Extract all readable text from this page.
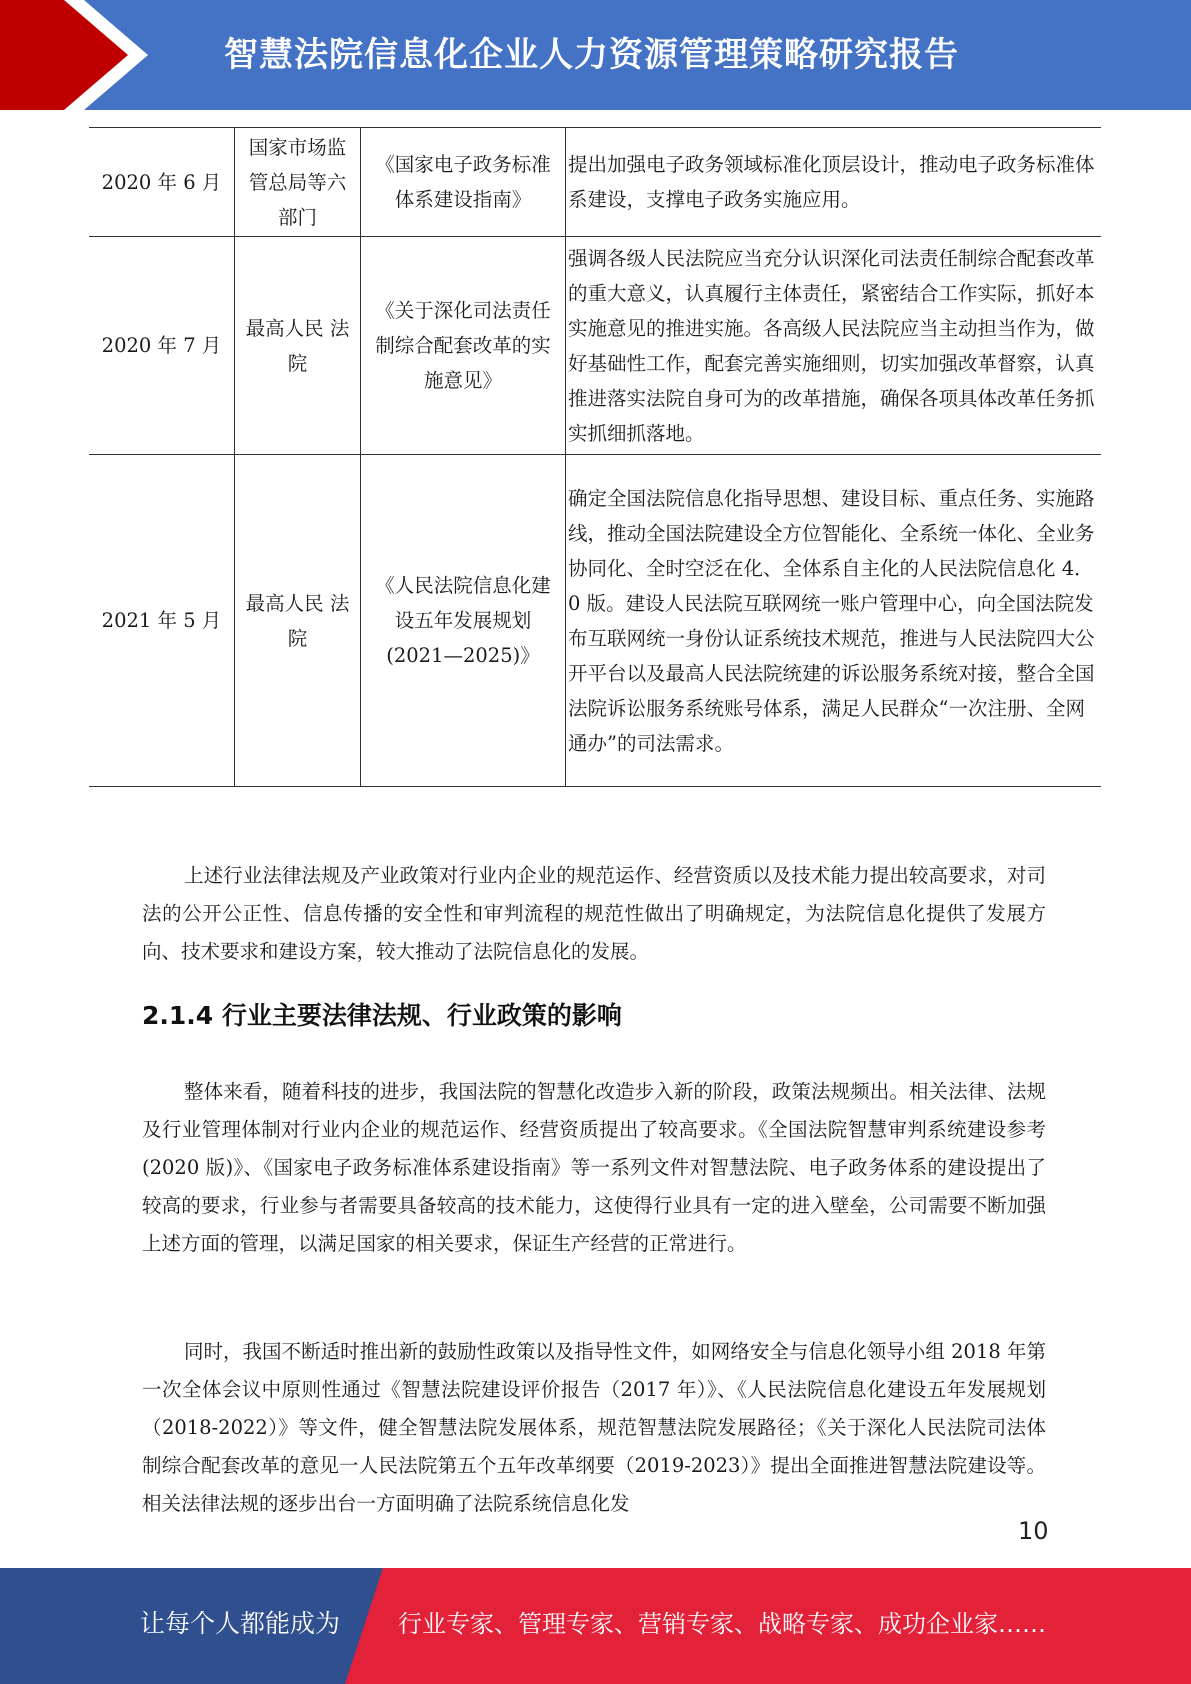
智慧法院信息化企业人力资源管理策略研究报告
2020 年 6 月	国家市场监管总局等六部门	《国家电子政务标准体系建设指南》	提出加强电子政务领域标准化顶层设计，推动电子政务标准体系建设，支撑电子政务实施应用。
2020 年 7 月	最高人民 法院	《关于深化司法责任制综合配套改革的实施意见》	强调各级人民法院应当充分认识深化司法责任制综合配套改革的重大意义，认真履行主体责任，紧密结合工作实际，抓好本实施意见的推进实施。各高级人民法院应当主动担当作为，做好基础性工作，配套完善实施细则，切实加强改革督察，认真推进落实法院自身可为的改革措施，确保各项具体改革任务抓实抓细抓落地。
2021 年 5 月	最高人民 法院	《人民法院信息化建设五年发展规划(2021—2025)》	确定全国法院信息化指导思想、建设目标、重点任务、实施路线，推动全国法院建设全方位智能化、全系统一体化、全业务协同化、全时空泛在化、全体系自主化的人民法院信息化 4． 0 版。建设人民法院互联网统一账户管理中心，向全国法院发布互联网统一身份认证系统技术规范，推进与人民法院四大公开平台以及最高人民法院统建的诉讼服务系统对接，整合全国法院诉讼服务系统账号体系，满足人民群众“一次注册、全网通办”的司法需求。

上述行业法律法规及产业政策对行业内企业的规范运作、经营资质以及技术能力提出较高要求，对司法的公开公正性、信息传播的安全性和审判流程的规范性做出了明确规定，为法院信息化提供了发展方向、技术要求和建设方案，较大推动了法院信息化的发展。

2.1.4 行业主要法律法规、行业政策的影响

整体来看，随着科技的进步，我国法院的智慧化改造步入新的阶段，政策法规频出。相关法律、法规及行业管理体制对行业内企业的规范运作、经营资质提出了较高要求。《全国法院智慧审判系统建设参考(2020 版)》、《国家电子政务标准体系建设指南》等一系列文件对智慧法院、电子政务体系的建设提出了较高的要求，行业参与者需要具备较高的技术能力，这使得行业具有一定的进入壁垒，公司需要不断加强上述方面的管理，以满足国家的相关要求，保证生产经营的正常进行。

同时，我国不断适时推出新的鼓励性政策以及指导性文件，如网络安全与信息化领导小组 2018 年第一次全体会议中原则性通过《智慧法院建设评价报告（2017 年）》、《人民法院信息化建设五年发展规划（2018-2022）》等文件，健全智慧法院发展体系，规范智慧法院发展路径；《关于深化人民法院司法体制综合配套改革的意见一人民法院第五个五年改革纲要（2019-2023）》提出全面推进智慧法院建设等。相关法律法规的逐步出台一方面明确了法院系统信息化发

10
让每个人都能成为 行业专家、管理专家、营销专家、战略专家、成功企业家……
